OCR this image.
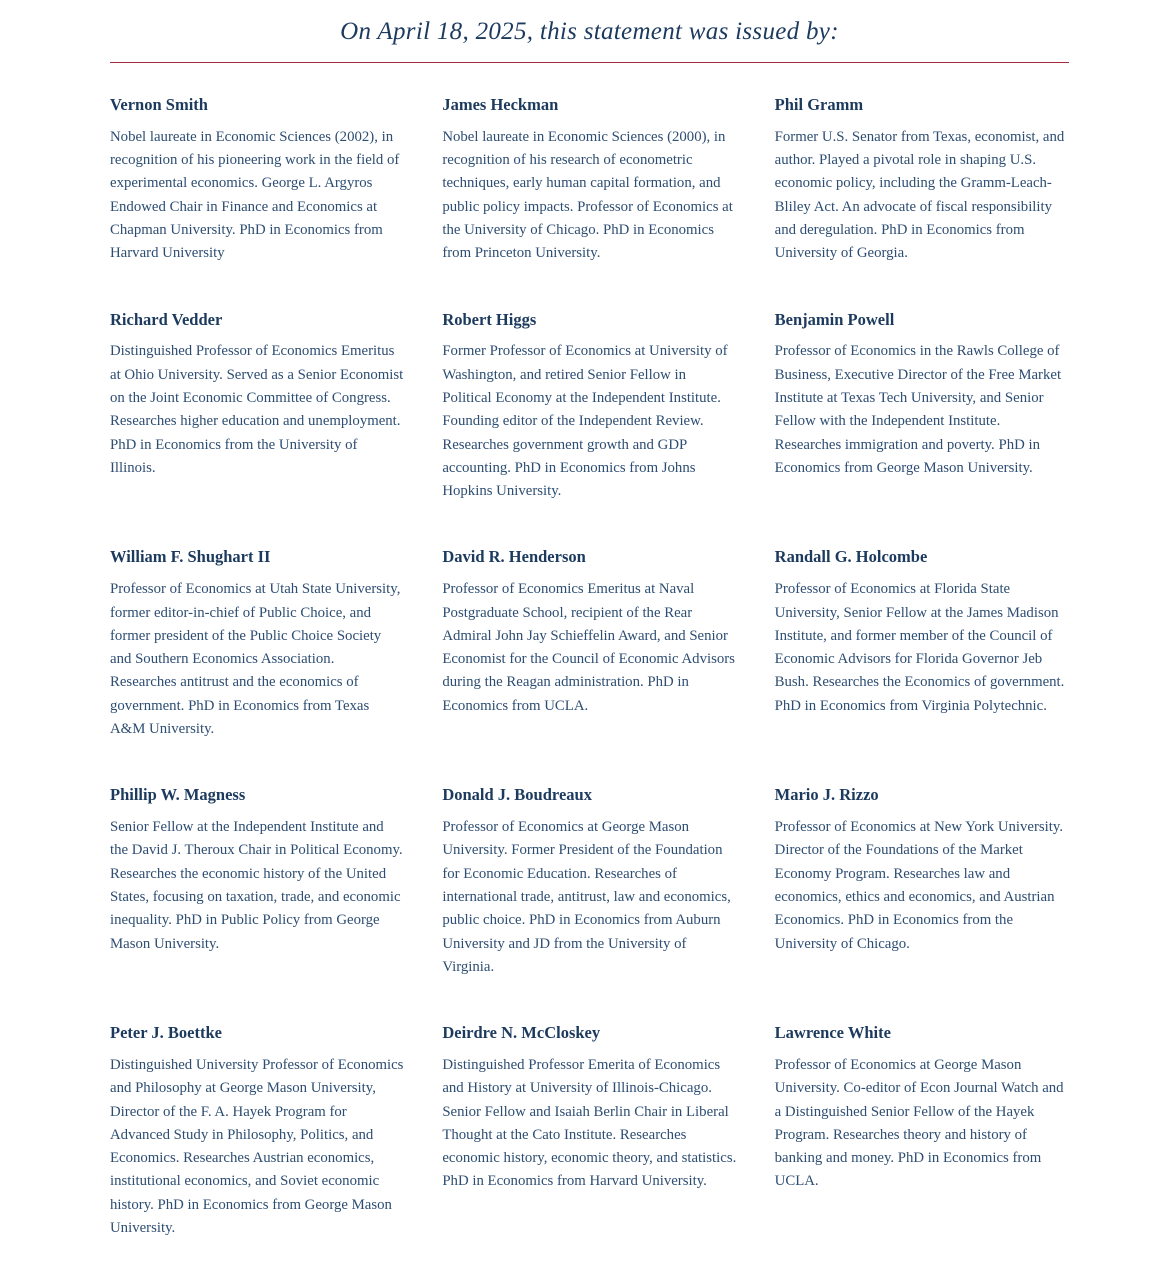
On April 18, 2025, this statement was issued by:
Vernon Smith

Nobel laureate in Economic Sciences (2002), in recognition of his pioneering work in the field of experimental economics. George L. Argyros Endowed Chair in Finance and Economics at Chapman University. PhD in Economics from Harvard University

James Heckman

Nobel laureate in Economic Sciences (2000), in recognition of his research of econometric techniques, early human capital formation, and public policy impacts. Professor of Economics at the University of Chicago. PhD in Economics from Princeton University.

Phil Gramm

Former U.S. Senator from Texas, economist, and author. Played a pivotal role in shaping U.S. economic policy, including the Gramm-Leach-Bliley Act. An advocate of fiscal responsibility and deregulation. PhD in Economics from University of Georgia.

Richard Vedder

Distinguished Professor of Economics Emeritus at Ohio University. Served as a Senior Economist on the Joint Economic Committee of Congress. Researches higher education and unemployment. PhD in Economics from the University of Illinois.

Robert Higgs

Former Professor of Economics at University of Washington, and retired Senior Fellow in Political Economy at the Independent Institute. Founding editor of the Independent Review. Researches government growth and GDP accounting. PhD in Economics from Johns Hopkins University.

Benjamin Powell

Professor of Economics in the Rawls College of Business, Executive Director of the Free Market Institute at Texas Tech University, and Senior Fellow with the Independent Institute. Researches immigration and poverty. PhD in Economics from George Mason University.

William F. Shughart II

Professor of Economics at Utah State University, former editor-in-chief of Public Choice, and former president of the Public Choice Society and Southern Economics Association. Researches antitrust and the economics of government. PhD in Economics from Texas A&M University.

David R. Henderson

Professor of Economics Emeritus at Naval Postgraduate School, recipient of the Rear Admiral John Jay Schieffelin Award, and Senior Economist for the Council of Economic Advisors during the Reagan administration. PhD in Economics from UCLA.

Randall G. Holcombe

Professor of Economics at Florida State University, Senior Fellow at the James Madison Institute, and former member of the Council of Economic Advisors for Florida Governor Jeb Bush. Researches the Economics of government. PhD in Economics from Virginia Polytechnic.

Phillip W. Magness

Senior Fellow at the Independent Institute and the David J. Theroux Chair in Political Economy. Researches the economic history of the United States, focusing on taxation, trade, and economic inequality. PhD in Public Policy from George Mason University.

Donald J. Boudreaux

Professor of Economics at George Mason University. Former President of the Foundation for Economic Education. Researches of international trade, antitrust, law and economics, public choice. PhD in Economics from Auburn University and JD from the University of Virginia.

Mario J. Rizzo

Professor of Economics at New York University. Director of the Foundations of the Market Economy Program. Researches law and economics, ethics and economics, and Austrian Economics. PhD in Economics from the University of Chicago.

Peter J. Boettke

Distinguished University Professor of Economics and Philosophy at George Mason University, Director of the F. A. Hayek Program for Advanced Study in Philosophy, Politics, and Economics. Researches Austrian economics, institutional economics, and Soviet economic history. PhD in Economics from George Mason University.

Deirdre N. McCloskey

Distinguished Professor Emerita of Economics and History at University of Illinois-Chicago. Senior Fellow and Isaiah Berlin Chair in Liberal Thought at the Cato Institute. Researches economic history, economic theory, and statistics. PhD in Economics from Harvard University.

Lawrence White

Professor of Economics at George Mason University. Co-editor of Econ Journal Watch and a Distinguished Senior Fellow of the Hayek Program. Researches theory and history of banking and money. PhD in Economics from UCLA.
